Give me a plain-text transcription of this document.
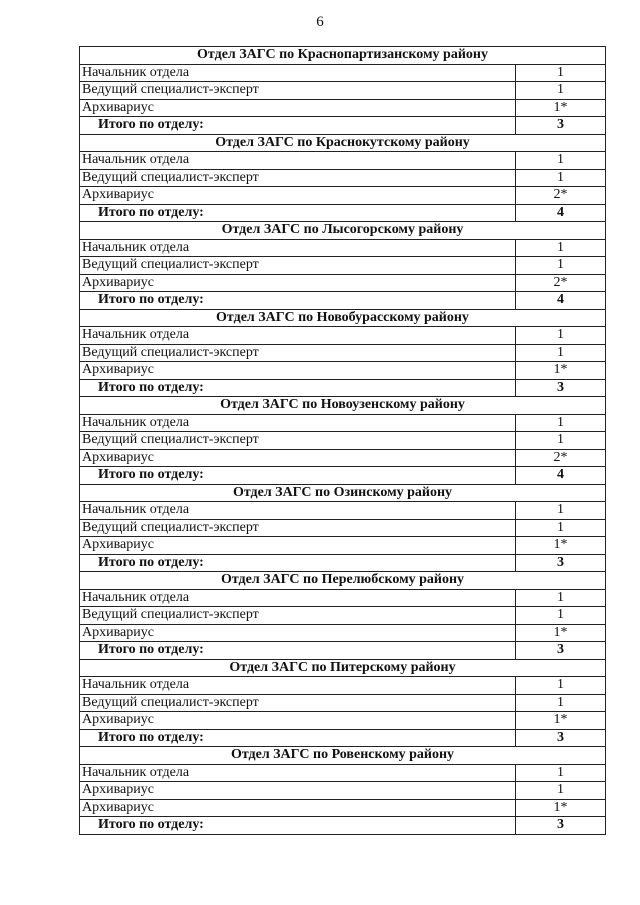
6
Отдел ЗАГС по Краснопартизанскому району	
Начальник отдела	1
Ведущий специалист-эксперт	1
Архивариус	1*
Итого по отделу:	3
Отдел ЗАГС по Краснокутскому району	
Начальник отдела	1
Ведущий специалист-эксперт	1
Архивариус	2*
Итого по отделу:	4
Отдел ЗАГС по Лысогорскому району	
Начальник отдела	1
Ведущий специалист-эксперт	1
Архивариус	2*
Итого по отделу:	4
Отдел ЗАГС по Новобурасскому району	
Начальник отдела	1
Ведущий специалист-эксперт	1
Архивариус	1*
Итого по отделу:	3
Отдел ЗАГС по Новоузенскому району	
Начальник отдела	1
Ведущий специалист-эксперт	1
Архивариус	2*
Итого по отделу:	4
Отдел ЗАГС по Озинскому району	
Начальник отдела	1
Ведущий специалист-эксперт	1
Архивариус	1*
Итого по отделу:	3
Отдел ЗАГС по Перелюбскому району	
Начальник отдела	1
Ведущий специалист-эксперт	1
Архивариус	1*
Итого по отделу:	3
Отдел ЗАГС по Питерскому району	
Начальник отдела	1
Ведущий специалист-эксперт	1
Архивариус	1*
Итого по отделу:	3
Отдел ЗАГС по Ровенскому району	
Начальник отдела	1
Архивариус	1
Архивариус	1*
Итого по отделу:	3
